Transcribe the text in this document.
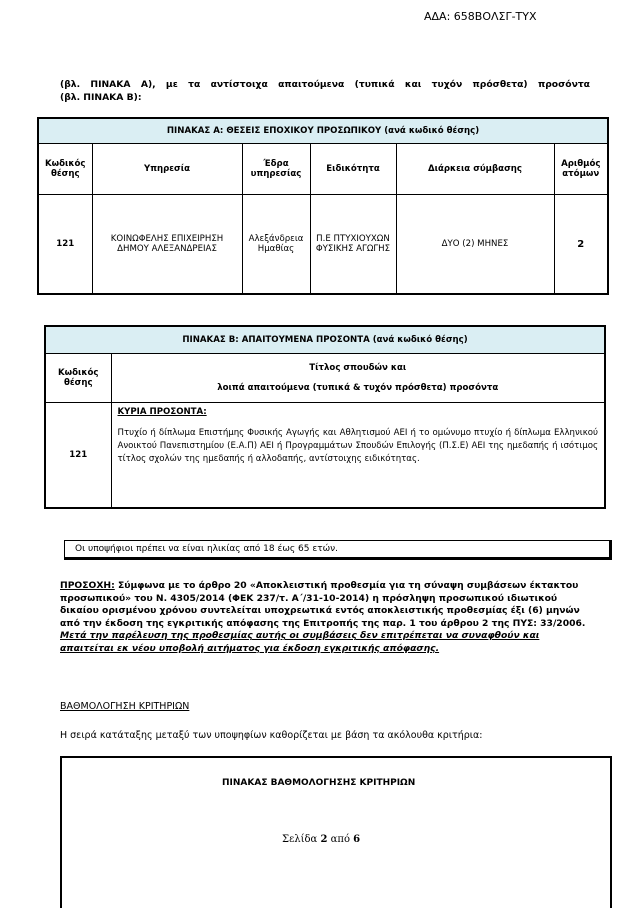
ΑΔΑ: 658ΒΟΛΣΓ-ΤΥΧ
(βλ. ΠΙΝΑΚΑ Α), με τα αντίστοιχα απαιτούμενα (τυπικά και τυχόν πρόσθετα) προσόντα
(βλ. ΠΙΝΑΚΑ Β):
ΠΙΝΑΚΑΣ Α: ΘΕΣΕΙΣ ΕΠΟΧΙΚΟΥ ΠΡΟΣΩΠΙΚΟΥ (ανά κωδικό θέσης)					
Κωδικός θέσης	Υπηρεσία	Έδρα υπηρεσίας	Ειδικότητα	Διάρκεια σύμβασης	Αριθμός ατόμων
121	ΚΟΙΝΩΦΕΛΗΣ ΕΠΙΧΕΙΡΗΣΗ ΔΗΜΟΥ ΑΛΕΞΑΝΔΡΕΙΑΣ	Αλεξάνδρεια Ημαθίας	Π.Ε ΠΤΥΧΙΟΥΧΩΝ ΦΥΣΙΚΗΣ ΑΓΩΓΗΣ	ΔΥΟ (2) ΜΗΝΕΣ	2
ΠΙΝΑΚΑΣ Β: ΑΠΑΙΤΟΥΜΕΝΑ ΠΡΟΣΟΝΤΑ (ανά κωδικό θέσης)	
Κωδικός θέσης	Τίτλος σπουδών και
λοιπά απαιτούμενα (τυπικά & τυχόν πρόσθετα) προσόντα

121	ΚΥΡΙΑ ΠΡΟΣΟΝΤΑ:
Πτυχίο ή δίπλωμα Επιστήμης Φυσικής Αγωγής και Αθλητισμού ΑΕΙ ή το ομώνυμο πτυχίο ή δίπλωμα Ελληνικού Ανοικτού Πανεπιστημίου (Ε.Α.Π) ΑΕΙ ή Προγραμμάτων Σπουδών Επιλογής (Π.Σ.Ε) ΑΕΙ της ημεδαπής ή ισότιμος τίτλος σχολών της ημεδαπής ή αλλοδαπής, αντίστοιχης ειδικότητας.
Οι υποψήφιοι πρέπει να είναι ηλικίας από 18 έως 65 ετών.
ΠΡΟΣΟΧΗ: Σύμφωνα με το άρθρο 20 «Αποκλειστική προθεσμία για τη σύναψη συμβάσεων έκτακτου προσωπικού» του Ν. 4305/2014 (ΦΕΚ 237/τ. Α΄/31-10-2014) η πρόσληψη προσωπικού ιδιωτικού δικαίου ορισμένου χρόνου συντελείται υποχρεωτικά εντός αποκλειστικής προθεσμίας έξι (6) μηνών από την έκδοση της εγκριτικής απόφασης της Επιτροπής της παρ. 1 του άρθρου 2 της ΠΥΣ: 33/2006.
Μετά την παρέλευση της προθεσμίας αυτής οι συμβάσεις δεν επιτρέπεται να συναφθούν και απαιτείται εκ νέου υποβολή αιτήματος για έκδοση εγκριτικής απόφασης.
ΒΑΘΜΟΛΟΓΗΣΗ ΚΡΙΤΗΡΙΩΝ
Η σειρά κατάταξης μεταξύ των υποψηφίων καθορίζεται με βάση τα ακόλουθα κριτήρια:
ΠΙΝΑΚΑΣ ΒΑΘΜΟΛΟΓΗΣΗΣ ΚΡΙΤΗΡΙΩΝ
Σελίδα 2 από 6
